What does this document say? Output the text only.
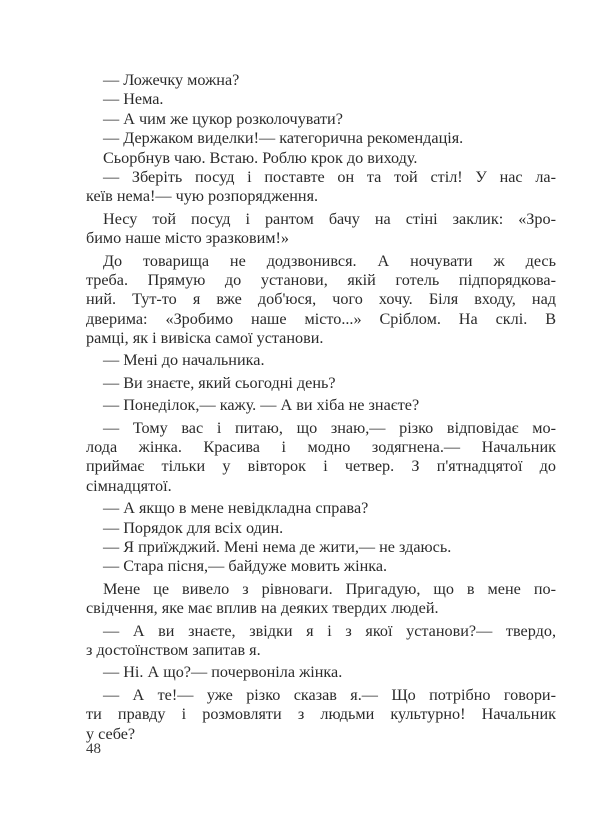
— Ложечку можна?
— Нема.
— А чим же цукор розколочувати?
— Держаком виделки!— категорична рекомендація.
Сьорбнув чаю. Встаю. Роблю крок до виходу.
— Зберіть посуд і поставте он та той стіл! У нас ла-
кеїв нема!— чую розпорядження.
Несу той посуд і рантом бачу на стіні заклик: «Зро-
бимо наше місто зразковим!»
До товарища не додзвонився. А ночувати ж десь
треба. Прямую до установи, якій готель підпорядкова-
ний. Тут-то я вже доб'юся, чого хочу. Біля входу, над
дверима: «Зробимо наше місто...» Сріблом. На склі. В
рамці, як і вивіска самої установи.
— Мені до начальника.
— Ви знаєте, який сьогодні день?
— Понеділок,— кажу. — А ви хіба не знаєте?
— Тому вас і питаю, що знаю,— різко відповідає мо-
лода жінка. Красива і модно зодягнена.— Начальник
приймає тільки у вівторок і четвер. З п'ятнадцятої до
сімнадцятої.
— А якщо в мене невідкладна справа?
— Порядок для всіх один.
— Я приїжджий. Мені нема де жити,— не здаюсь.
— Стара пісня,— байдуже мовить жінка.
Мене це вивело з рівноваги. Пригадую, що в мене по-
свідчення, яке має вплив на деяких твердих людей.
— А ви знаєте, звідки я і з якої установи?— твердо,
з достоїнством запитав я.
— Ні. А що?— почервоніла жінка.
— А те!— уже різко сказав я.— Що потрібно говори-
ти правду і розмовляти з людьми культурно! Начальник
у себе?
48
